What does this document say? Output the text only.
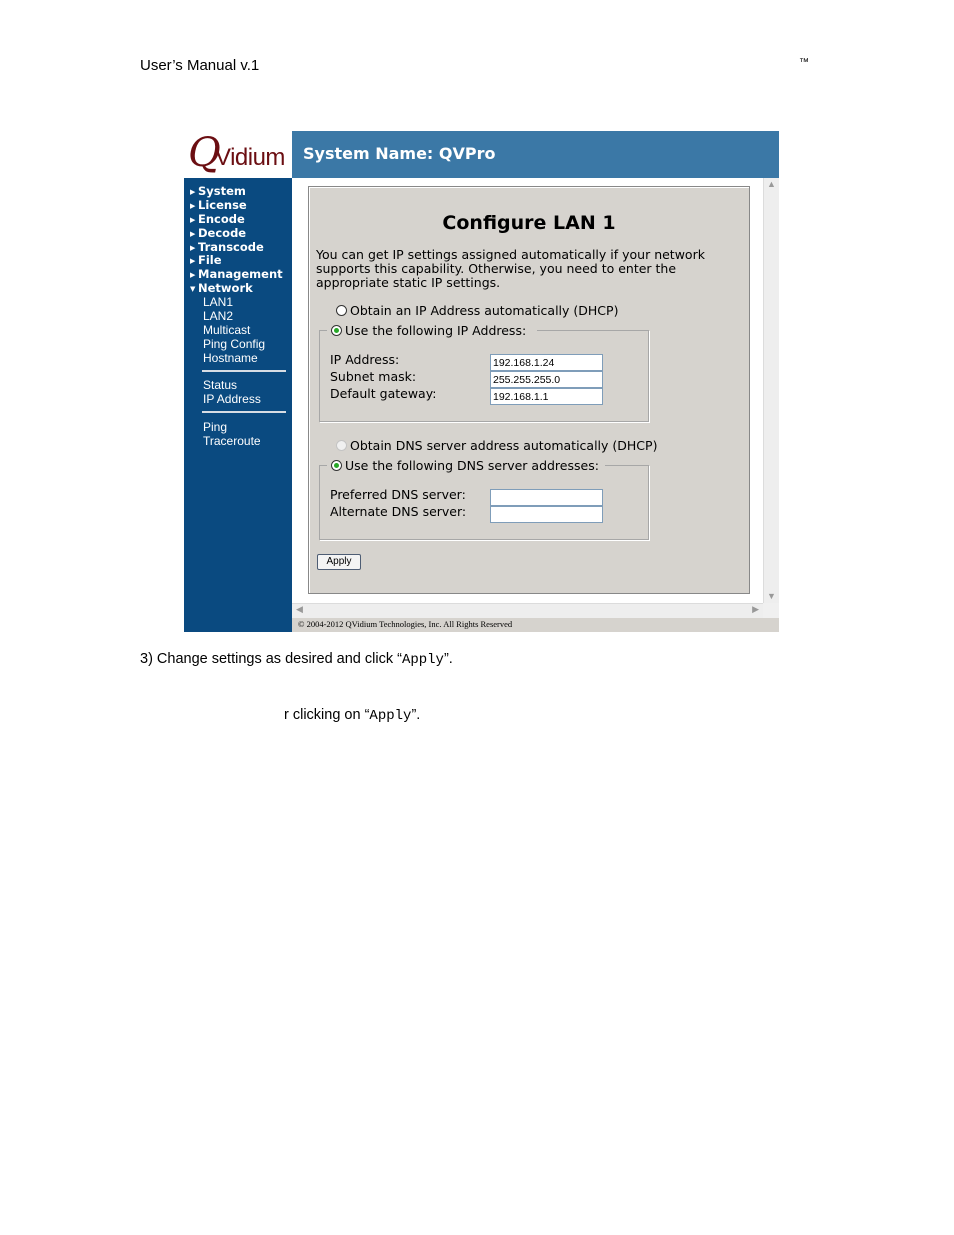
User’s Manual v.1	™
Q
Vidium System Name: QVPro
▶ System
▶ License
▶ Encode
▶ Decode
▶ Transcode
▶ File
▶ Management
▼ Network
LAN1
LAN2
Multicast
Ping Config
Hostname
Status
IP Address
Ping
Traceroute
Configure LAN 1
You can get IP settings assigned automatically if your network supports this capability. Otherwise, you need to enter the appropriate static IP settings.
Obtain an IP Address automatically (DHCP)
Use the following IP Address:
IP Address:
192.168.1.24
Subnet mask:
255.255.255.0
Default gateway:
192.168.1.1
Obtain DNS server address automatically (DHCP)
Use the following DNS server addresses:
Preferred DNS server:
Alternate DNS server:
Apply
▲
▼
◀	▶
© 2004-2012 QVidium Technologies, Inc. All Rights Reserved
3) Change settings as desired and click “Apply”.
r clicking on “Apply”.
